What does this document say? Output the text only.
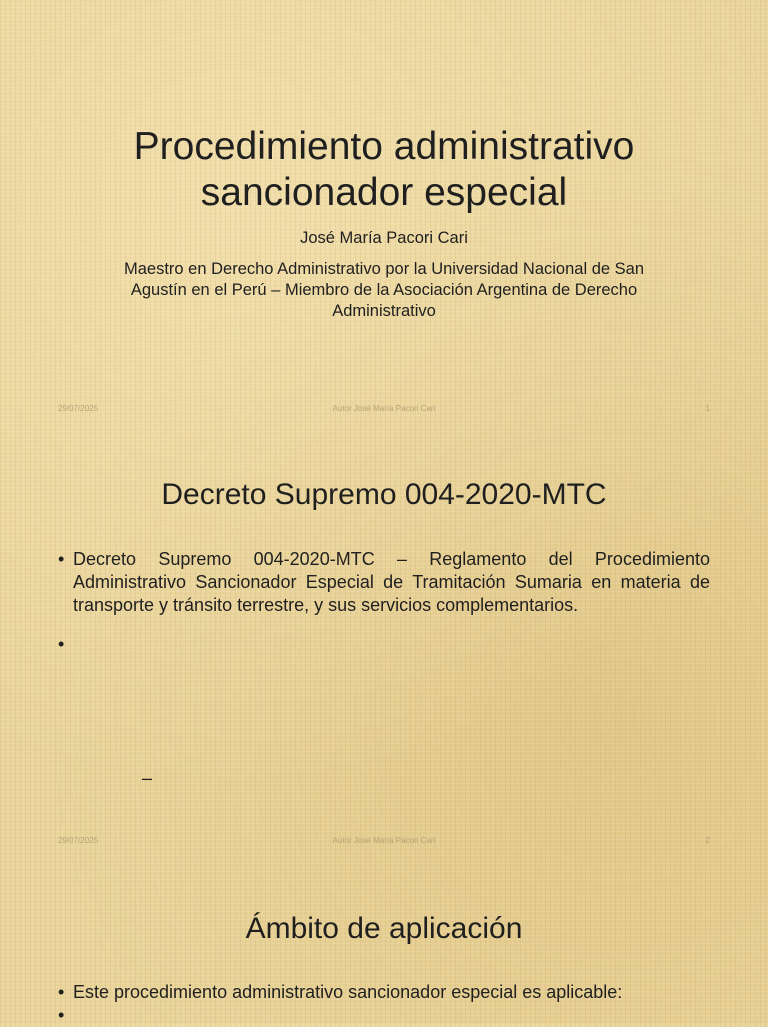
Procedimiento administrativo
sancionador especial
José María Pacori Cari
Maestro en Derecho Administrativo por la Universidad Nacional de San Agustín en el Perú – Miembro de la Asociación Argentina de Derecho Administrativo
29/07/2025	Autor José María Pacori Cari	1
Decreto Supremo 004-2020-MTC
• Decreto Supremo 004-2020-MTC – Reglamento del Procedimiento Administrativo Sancionador Especial de Tramitación Sumaria en materia de transporte y tránsito terrestre, y sus servicios complementarios.
•
–
29/07/2025	Autor José María Pacori Cari	2
Ámbito de aplicación
• Este procedimiento administrativo sancionador especial es aplicable:
•
